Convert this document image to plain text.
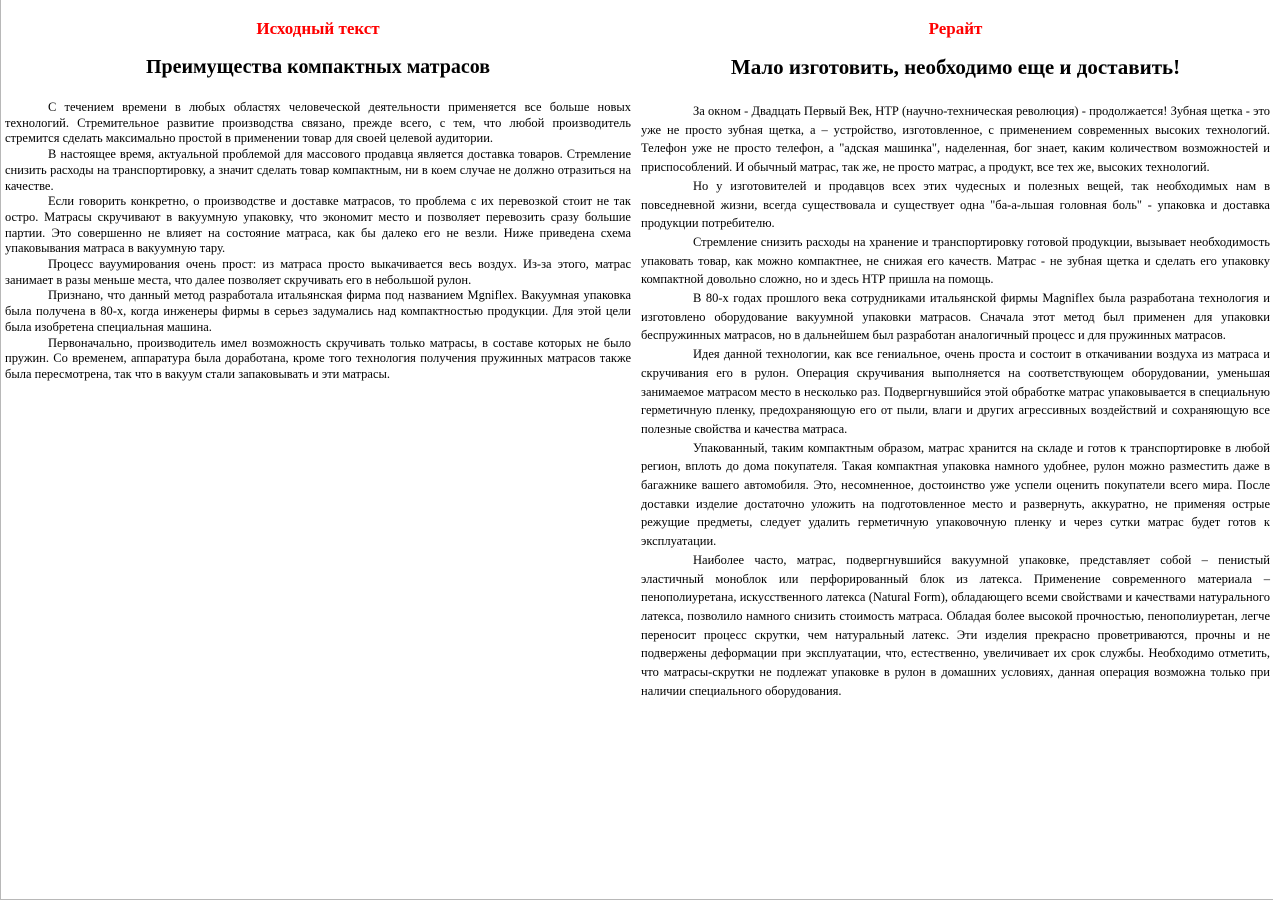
Исходный текст
Преимущества компактных матрасов

С течением времени в любых областях человеческой деятельности применяется все больше новых технологий. Стремительное развитие производства связано, прежде всего, с тем, что любой производитель стремится сделать максимально простой в применении товар для своей целевой аудитории.

В настоящее время, актуальной проблемой для массового продавца является доставка товаров. Стремление снизить расходы на транспортировку, а значит сделать товар компактным, ни в коем случае не должно отразиться на качестве.

Если говорить конкретно, о производстве и доставке матрасов, то проблема с их перевозкой стоит не так остро. Матрасы скручивают в вакуумную упаковку, что экономит место и позволяет перевозить сразу большие партии. Это совершенно не влияет на состояние матраса, как бы далеко его не везли. Ниже приведена схема упаковывания матраса в вакуумную тару.

Процесс вауумирования очень прост: из матраса просто выкачивается весь воздух. Из-за этого, матрас занимает в разы меньше места, что далее позволяет скручивать его в небольшой рулон.

Признано, что данный метод разработала итальянская фирма под названием Mgniflex. Вакуумная упаковка была получена в 80-х, когда инженеры фирмы в серьез задумались над компактностью продукции. Для этой цели была изобретена специальная машина.

Первоначально, производитель имел возможность скручивать только матрасы, в составе которых не было пружин. Со временем, аппаратура была доработана, кроме того технология получения пружинных матрасов также была пересмотрена, так что в вакуум стали запаковывать и эти матрасы.

Рерайт
Мало изготовить, необходимо еще и доставить!

За окном - Двадцать Первый Век, НТР (научно-техническая революция) - продолжается! Зубная щетка - это уже не просто зубная щетка, а – устройство, изготовленное, с применением современных высоких технологий. Телефон уже не просто телефон, а "адская машинка", наделенная, бог знает, каким количеством возможностей и приспособлений. И обычный матрас, так же, не просто матрас, а продукт, все тех же, высоких технологий.

Но у изготовителей и продавцов всех этих чудесных и полезных вещей, так необходимых нам в повседневной жизни, всегда существовала и существует одна "ба-а-льшая головная боль" - упаковка и доставка продукции потребителю.

Стремление снизить расходы на хранение и транспортировку готовой продукции, вызывает необходимость упаковать товар, как можно компактнее, не снижая его качеств. Матрас - не зубная щетка и сделать его упаковку компактной довольно сложно, но и здесь НТР пришла на помощь.

В 80-х годах прошлого века сотрудниками итальянской фирмы Magniflex была разработана технология и изготовлено оборудование вакуумной упаковки матрасов. Сначала этот метод был применен для упаковки беспружинных матрасов, но в дальнейшем был разработан аналогичный процесс и для пружинных матрасов.

Идея данной технологии, как все гениальное, очень проста и состоит в откачивании воздуха из матраса и скручивания его в рулон. Операция скручивания выполняется на соответствующем оборудовании, уменьшая занимаемое матрасом место в несколько раз. Подвергнувшийся этой обработке матрас упаковывается в специальную герметичную пленку, предохраняющую его от пыли, влаги и других агрессивных воздействий и сохраняющую все полезные свойства и качества матраса.

Упакованный, таким компактным образом, матрас хранится на складе и готов к транспортировке в любой регион, вплоть до дома покупателя. Такая компактная упаковка намного удобнее, рулон можно разместить даже в багажнике вашего автомобиля. Это, несомненное, достоинство уже успели оценить покупатели всего мира. После доставки изделие достаточно уложить на подготовленное место и развернуть, аккуратно, не применяя острые режущие предметы, следует удалить герметичную упаковочную пленку и через сутки матрас будет готов к эксплуатации.

Наиболее часто, матрас, подвергнувшийся вакуумной упаковке, представляет собой – пенистый эластичный моноблок или перфорированный блок из латекса. Применение современного материала – пенополиуретана, искусственного латекса (Natural Form), обладающего всеми свойствами и качествами натурального латекса, позволило намного снизить стоимость матраса. Обладая более высокой прочностью, пенополиуретан, легче переносит процесс скрутки, чем натуральный латекс. Эти изделия прекрасно проветриваются, прочны и не подвержены деформации при эксплуатации, что, естественно, увеличивает их срок службы. Необходимо отметить, что матрасы-скрутки не подлежат упаковке в рулон в домашних условиях, данная операция возможна только при наличии специального оборудования.
